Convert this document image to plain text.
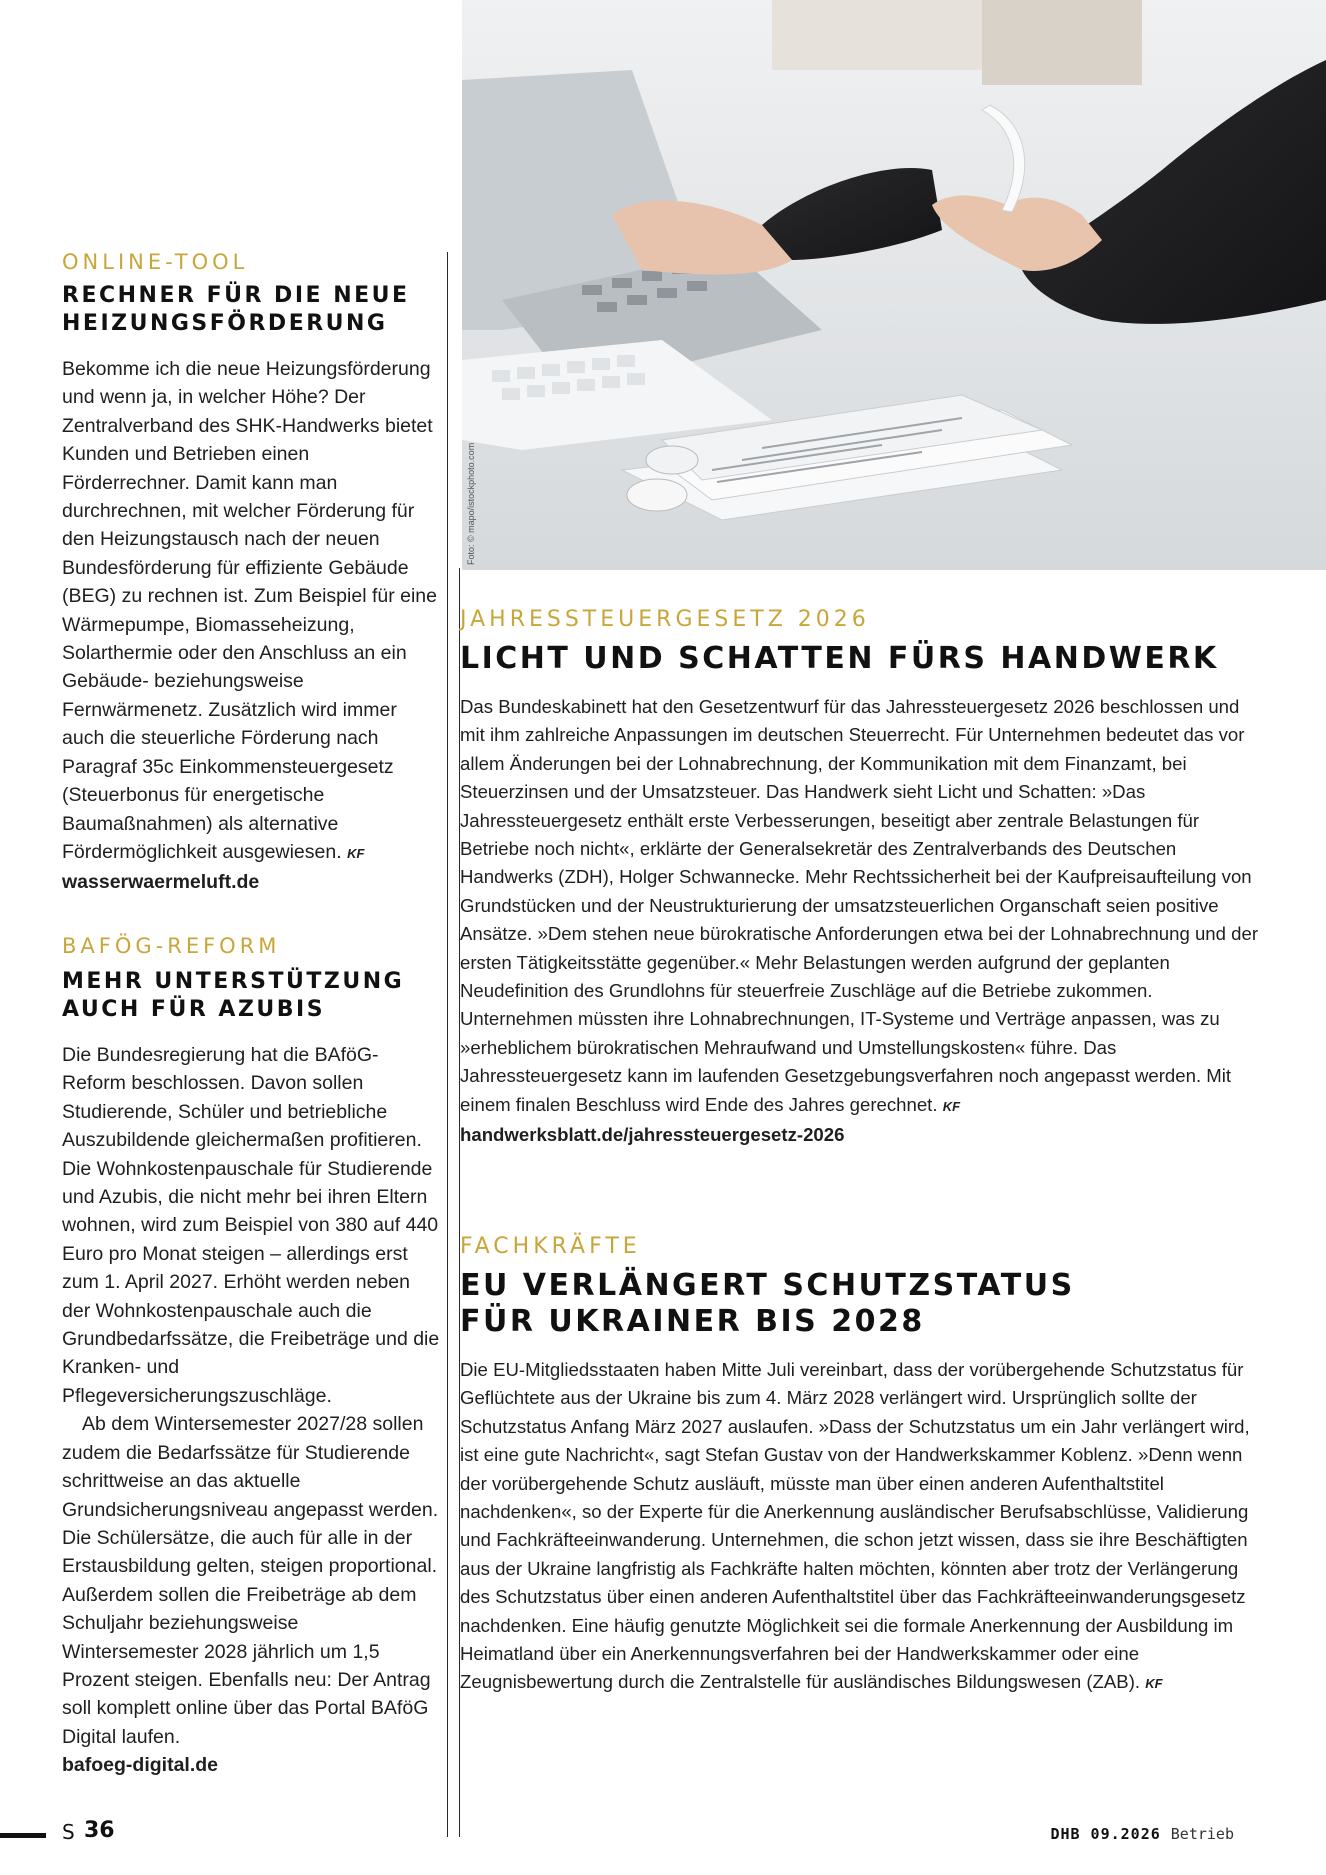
Foto: © mapo/istockphoto.com
ONLINE-TOOL
RECHNER FÜR DIE NEUE
HEIZUNGSFÖRDERUNG

Bekomme ich die neue Heizungsförderung und wenn ja, in welcher Höhe? Der Zentralverband des SHK-Handwerks bietet Kunden und Betrieben einen Förderrechner. Damit kann man durchrechnen, mit welcher Förderung für den Heizungstausch nach der neuen Bundesförderung für effiziente Gebäude (BEG) zu rechnen ist. Zum Beispiel für eine Wärmepumpe, Biomasseheizung, Solarthermie oder den Anschluss an ein Gebäude- beziehungsweise Fernwärmenetz. Zusätzlich wird immer auch die steuerliche Förderung nach Paragraf 35c Einkommensteuergesetz (Steuerbonus für energetische Baumaßnahmen) als alternative Fördermöglichkeit ausgewiesen. KF

wasserwaermeluft.de

BAFÖG-REFORM
MEHR UNTERSTÜTZUNG
AUCH FÜR AZUBIS

Die Bundesregierung hat die BAföG-Reform beschlossen. Davon sollen Studierende, Schüler und betriebliche Auszubildende gleichermaßen profitieren. Die Wohnkostenpauschale für Studierende und Azubis, die nicht mehr bei ihren Eltern wohnen, wird zum Beispiel von 380 auf 440 Euro pro Monat steigen – allerdings erst zum 1. April 2027. Erhöht werden neben der Wohnkostenpauschale auch die Grundbedarfssätze, die Freibeträge und die Kranken- und Pflegeversicherungszuschläge.

Ab dem Wintersemester 2027/28 sollen zudem die Bedarfssätze für Studierende schrittweise an das aktuelle Grundsicherungsniveau angepasst werden. Die Schülersätze, die auch für alle in der Erstausbildung gelten, steigen proportional. Außerdem sollen die Freibeträge ab dem Schuljahr beziehungsweise Wintersemester 2028 jährlich um 1,5 Prozent steigen. Ebenfalls neu: Der Antrag soll komplett online über das Portal BAföG Digital laufen.

bafoeg-digital.de

JAHRESSTEUERGESETZ 2026
LICHT UND SCHATTEN FÜRS HANDWERK

Das Bundeskabinett hat den Gesetzentwurf für das Jahressteuergesetz 2026 beschlossen und mit ihm zahlreiche Anpassungen im deutschen Steuerrecht. Für Unternehmen bedeutet das vor allem Änderungen bei der Lohnabrechnung, der Kommunikation mit dem Finanzamt, bei Steuerzinsen und der Umsatzsteuer. Das Handwerk sieht Licht und Schatten: »Das Jahressteuergesetz enthält erste Verbesserungen, beseitigt aber zentrale Belastungen für Betriebe noch nicht«, erklärte der Generalsekretär des Zentralverbands des Deutschen Handwerks (ZDH), Holger Schwannecke. Mehr Rechtssicherheit bei der Kaufpreisaufteilung von Grundstücken und der Neustrukturierung der umsatzsteuerlichen Organschaft seien positive Ansätze. »Dem stehen neue bürokratische Anforderungen etwa bei der Lohnabrechnung und der ersten Tätigkeitsstätte gegenüber.« Mehr Belastungen werden aufgrund der geplanten Neudefinition des Grundlohns für steuerfreie Zuschläge auf die Betriebe zukommen. Unternehmen müssten ihre Lohnabrechnungen, IT-Systeme und Verträge anpassen, was zu »erheblichem bürokratischen Mehraufwand und Umstellungskosten« führe. Das Jahressteuergesetz kann im laufenden Gesetzgebungsverfahren noch angepasst werden. Mit einem finalen Beschluss wird Ende des Jahres gerechnet. KF

handwerksblatt.de/jahressteuergesetz-2026

FACHKRÄFTE
EU VERLÄNGERT SCHUTZSTATUS
FÜR UKRAINER BIS 2028

Die EU-Mitgliedsstaaten haben Mitte Juli vereinbart, dass der vorübergehende Schutzstatus für Geflüchtete aus der Ukraine bis zum 4. März 2028 verlängert wird. Ursprünglich sollte der Schutzstatus Anfang März 2027 auslaufen. »Dass der Schutzstatus um ein Jahr verlängert wird, ist eine gute Nachricht«, sagt Stefan Gustav von der Handwerkskammer Koblenz. »Denn wenn der vorübergehende Schutz ausläuft, müsste man über einen anderen Aufenthaltstitel nachdenken«, so der Experte für die Anerkennung ausländischer Berufsabschlüsse, Validierung und Fachkräfteeinwanderung. Unternehmen, die schon jetzt wissen, dass sie ihre Beschäftigten aus der Ukraine langfristig als Fachkräfte halten möchten, könnten aber trotz der Verlängerung des Schutzstatus über einen anderen Aufenthaltstitel über das Fachkräfteeinwanderungsgesetz nachdenken. Eine häufig genutzte Möglichkeit sei die formale Anerkennung der Ausbildung im Heimatland über ein Anerkennungsverfahren bei der Handwerkskammer oder eine Zeugnisbewertung durch die Zentralstelle für ausländisches Bildungswesen (ZAB). KF

S 36	DHB 09.2026 Betrieb
